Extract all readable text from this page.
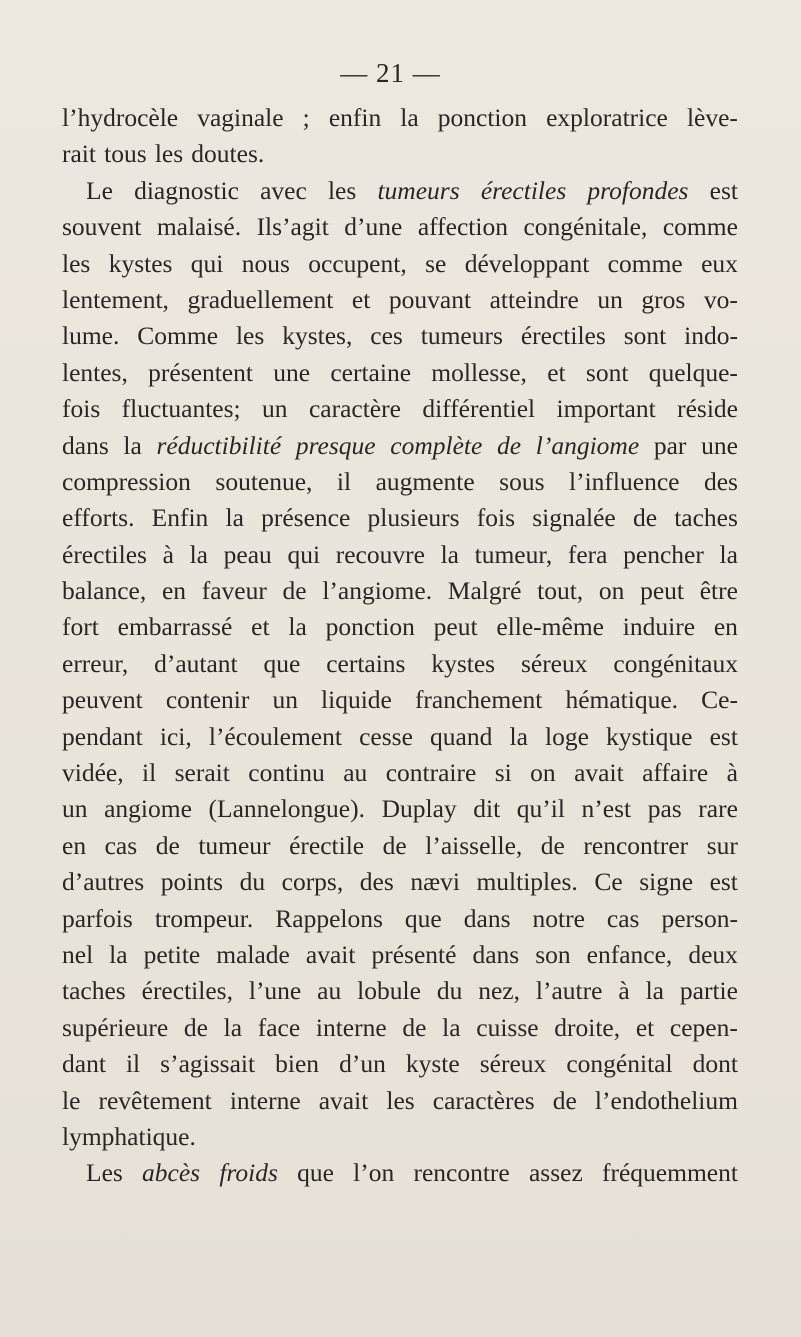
— 21 —
l’hydrocèle vaginale ; enfin la ponction exploratrice lève-
rait tous les doutes.
Le diagnostic avec les tumeurs érectiles profondes est
souvent malaisé. Ils’agit d’une affection congénitale, comme
les kystes qui nous occupent, se développant comme eux
lentement, graduellement et pouvant atteindre un gros vo-
lume. Comme les kystes, ces tumeurs érectiles sont indo-
lentes, présentent une certaine mollesse, et sont quelque-
fois fluctuantes; un caractère différentiel important réside
dans la réductibilité presque complète de l’angiome par une
compression soutenue, il augmente sous l’influence des
efforts. Enfin la présence plusieurs fois signalée de taches
érectiles à la peau qui recouvre la tumeur, fera pencher la
balance, en faveur de l’angiome. Malgré tout, on peut être
fort embarrassé et la ponction peut elle-même induire en
erreur, d’autant que certains kystes séreux congénitaux
peuvent contenir un liquide franchement hématique. Ce-
pendant ici, l’écoulement cesse quand la loge kystique est
vidée, il serait continu au contraire si on avait affaire à
un angiome (Lannelongue). Duplay dit qu’il n’est pas rare
en cas de tumeur érectile de l’aisselle, de rencontrer sur
d’autres points du corps, des nævi multiples. Ce signe est
parfois trompeur. Rappelons que dans notre cas person-
nel la petite malade avait présenté dans son enfance, deux
taches érectiles, l’une au lobule du nez, l’autre à la partie
supérieure de la face interne de la cuisse droite, et cepen-
dant il s’agissait bien d’un kyste séreux congénital dont
le revêtement interne avait les caractères de l’endothelium
lymphatique.
Les abcès froids que l’on rencontre assez fréquemment
